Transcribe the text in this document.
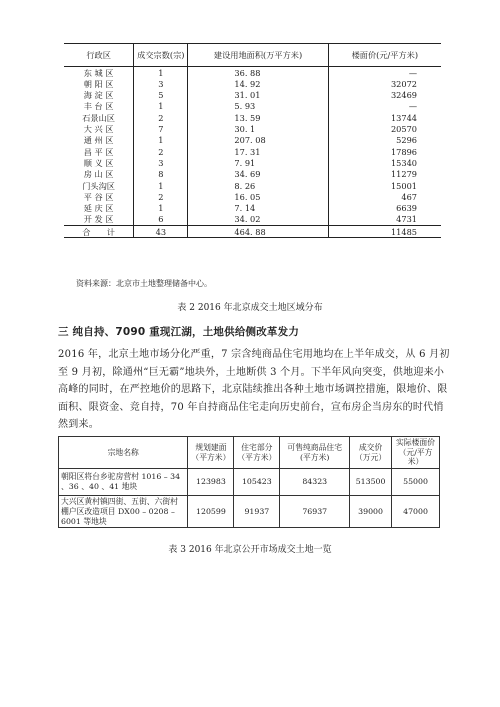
行政区	成交宗数(宗)	建设用地面积(万平方米)	楼面价(元/平方米)
东 城 区	1	36. 88	—
朝 阳 区	3	14. 92	32072
海 淀 区	5	31. 01	32469
丰 台 区	1	5. 93	—
石景山区	2	13. 59	13744
大 兴 区	7	30. 1	20570
通 州 区	1	207. 08	5296
昌 平 区	2	17. 31	17896
顺 义 区	3	7. 91	15340
房 山 区	8	34. 69	11279
门头沟区	1	8. 26	15001
平 谷 区	2	16. 05	467
延 庆 区	1	7. 14	6639
开 发 区	6	34. 02	4731
合　　计	43	464. 88	11485
资料来源：北京市土地整理储备中心。
表 2 2016 年北京成交土地区域分布
三 纯自持、7090 重现江湖，土地供给侧改革发力
2016 年，北京土地市场分化严重，7 宗含纯商品住宅用地均在上半年成交，从 6 月初至 9 月初，除通州“巨无霸”地块外，土地断供 3 个月。下半年风向突变，供地迎来小高峰的同时，在严控地价的思路下，北京陆续推出各种土地市场调控措施，限地价、限面积、限资金、竞自持，70 年自持商品住宅走向历史前台，宣布房企当房东的时代悄然到来。
宗地名称	规划建面（平方米）	住宅部分（平方米）	可售纯商品住宅(平方米)	成交价（万元）	实际楼面价（元/平方米）
朝阳区将台乡驼房营村 1016 – 34 、36 、40 、41 地块	123983	105423	84323	513500	55000
大兴区黄村镇四街、五街、六街村棚户区改造项目 DX00 – 0208 – 6001 等地块	120599	91937	76937	39000	47000
表 3 2016 年北京公开市场成交土地一览
